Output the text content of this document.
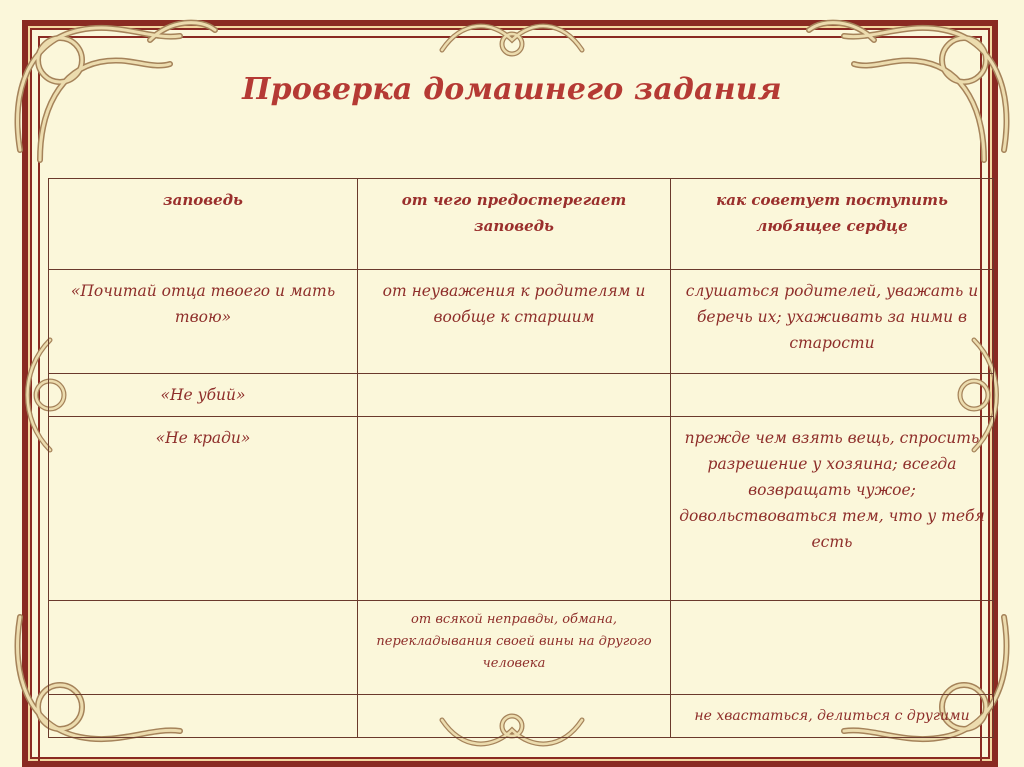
Проверка домашнего задания
заповедь	от чего предостерегает заповедь	как советует поступить любящее сердце
«Почитай отца твоего и мать твою»	от неуважения к родителям и вообще к старшим	слушаться родителей, уважать и беречь их; ухаживать за ними в старости
«Не убий»		
«Не кради»		прежде чем взять вещь, спросить разрешение у хозяина; всегда возвращать чужое; довольствоваться тем, что у тебя есть
	от всякой неправды, обмана, перекладывания своей вины на другого человека	
		не хвастаться, делиться с другими
